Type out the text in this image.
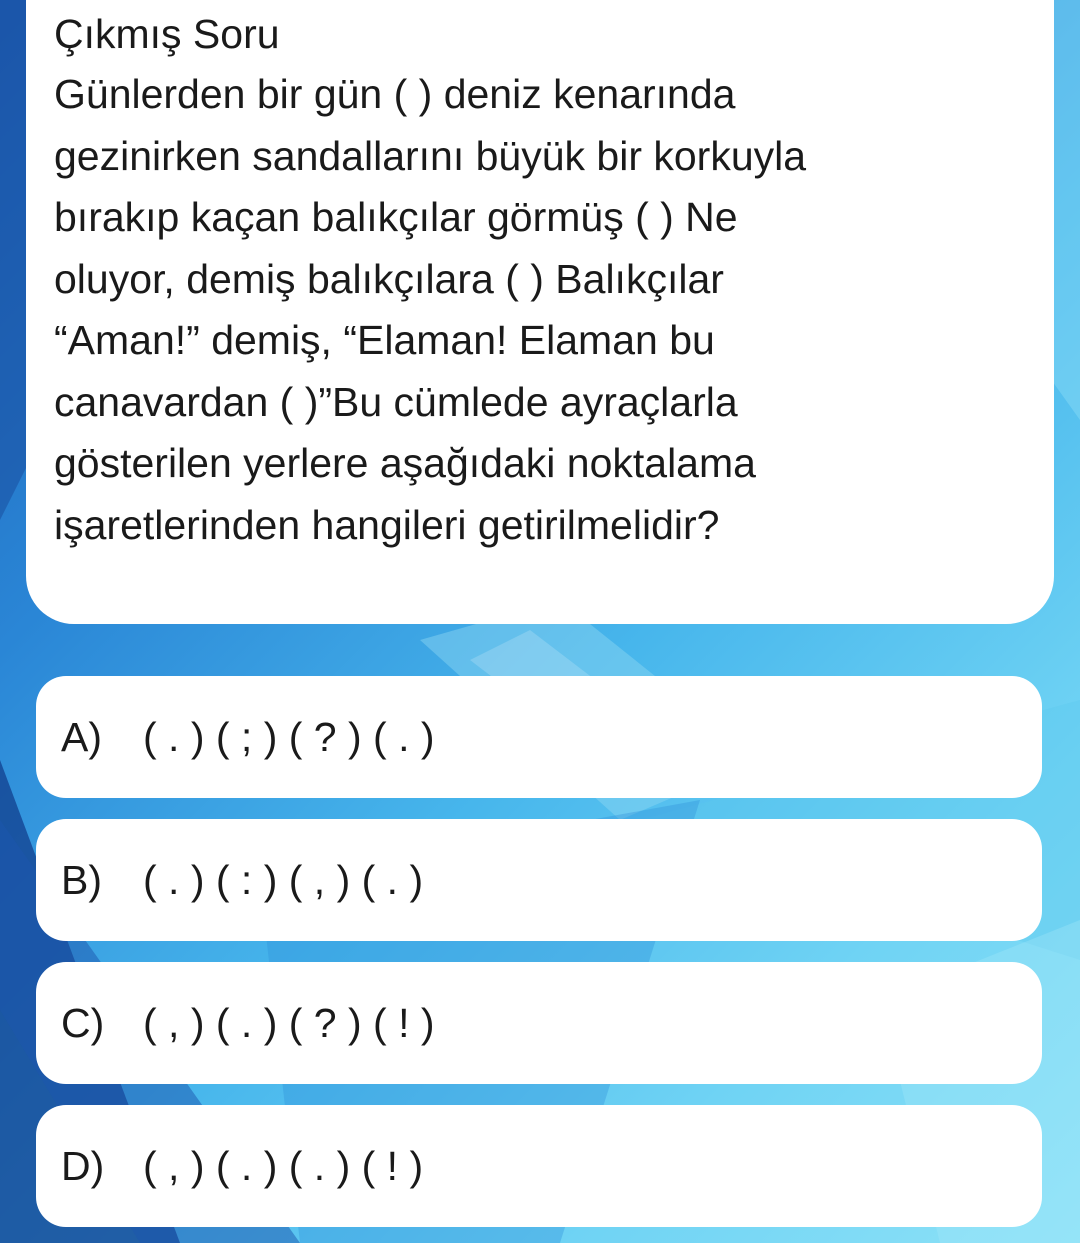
Çıkmış Soru

Günlerden bir gün ( ) deniz kenarında
gezinirken sandallarını büyük bir korkuyla
bırakıp kaçan balıkçılar görmüş ( ) Ne
oluyor, demiş balıkçılara ( ) Balıkçılar
“Aman!” demiş, “Elaman! Elaman bu
canavardan ( )”Bu cümlede ayraçlarla
gösterilen yerlere aşağıdaki noktalama
işaretlerinden hangileri getirilmelidir?

A)	( . ) ( ; ) ( ? ) ( . )
B)	( . ) ( : ) ( , ) ( . )
C) ( , ) ( . ) ( ? ) ( ! )
D) ( , ) ( . ) ( . ) ( ! )
